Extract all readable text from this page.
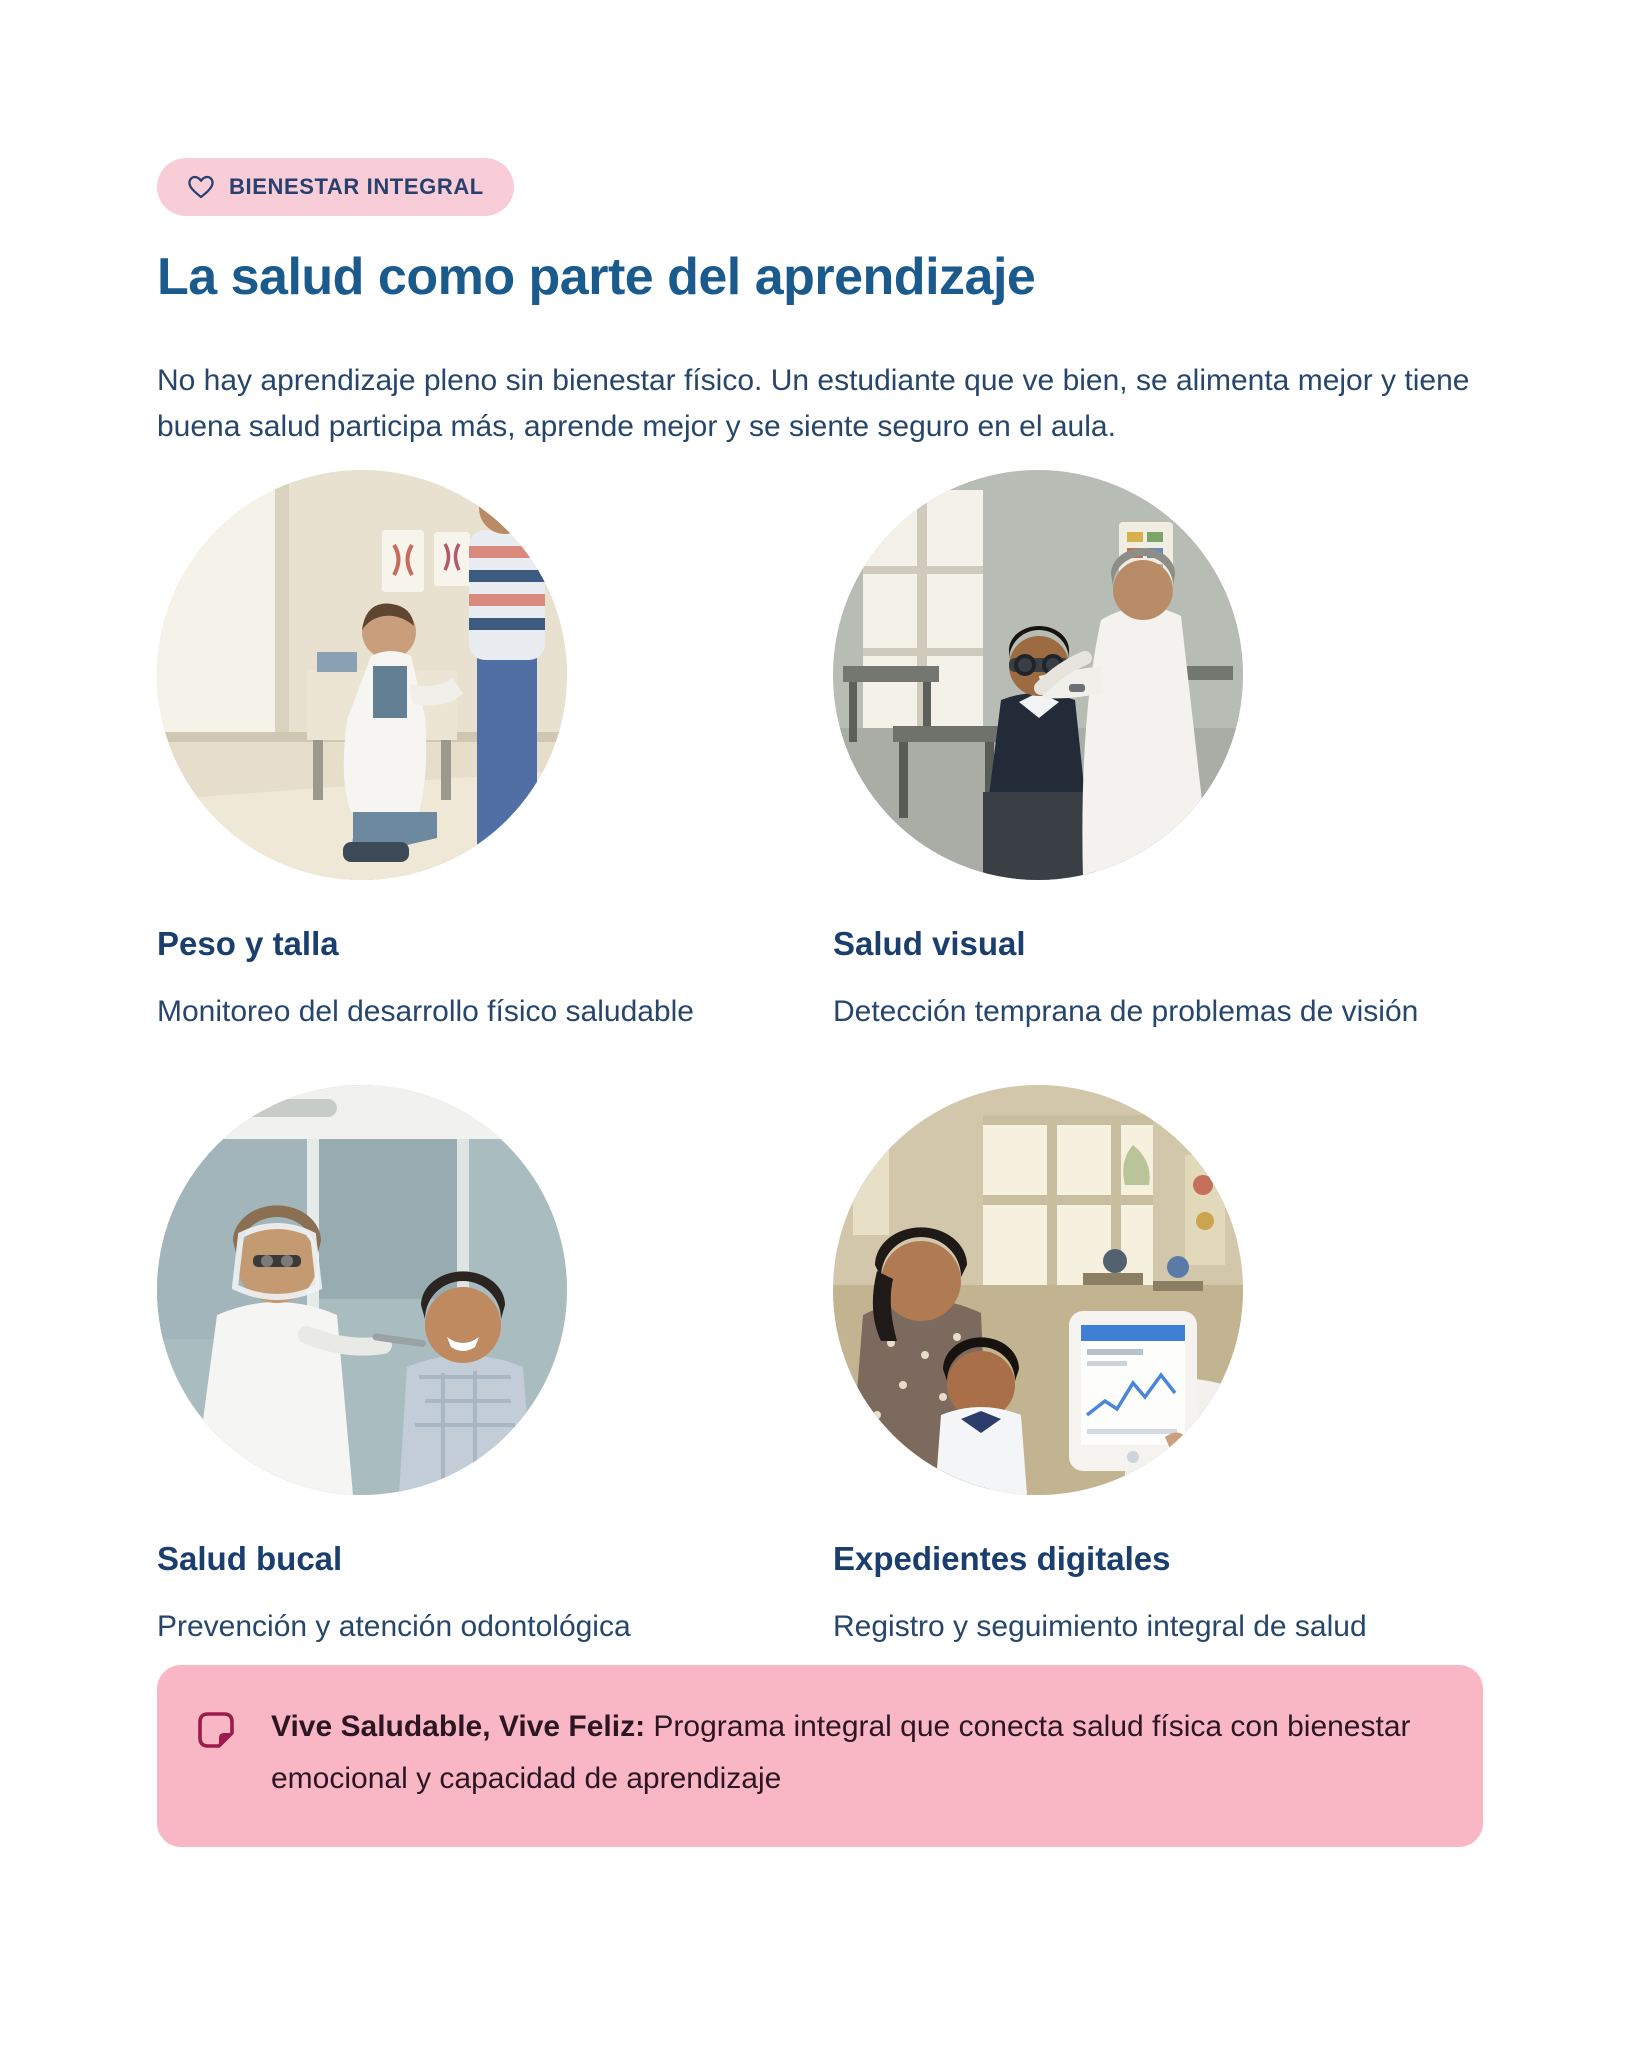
BIENESTAR INTEGRAL
La salud como parte del aprendizaje

No hay aprendizaje pleno sin bienestar físico. Un estudiante que ve bien, se alimenta mejor y tiene buena salud participa más, aprende mejor y se siente seguro en el aula.

Peso y talla
Monitoreo del desarrollo físico saludable
Salud visual
Detección temprana de problemas de visión
Salud bucal
Prevención y atención odontológica
Expedientes digitales
Registro y seguimiento integral de salud
Vive Saludable, Vive Feliz: Programa integral que conecta salud física con bienestar emocional y capacidad de aprendizaje
